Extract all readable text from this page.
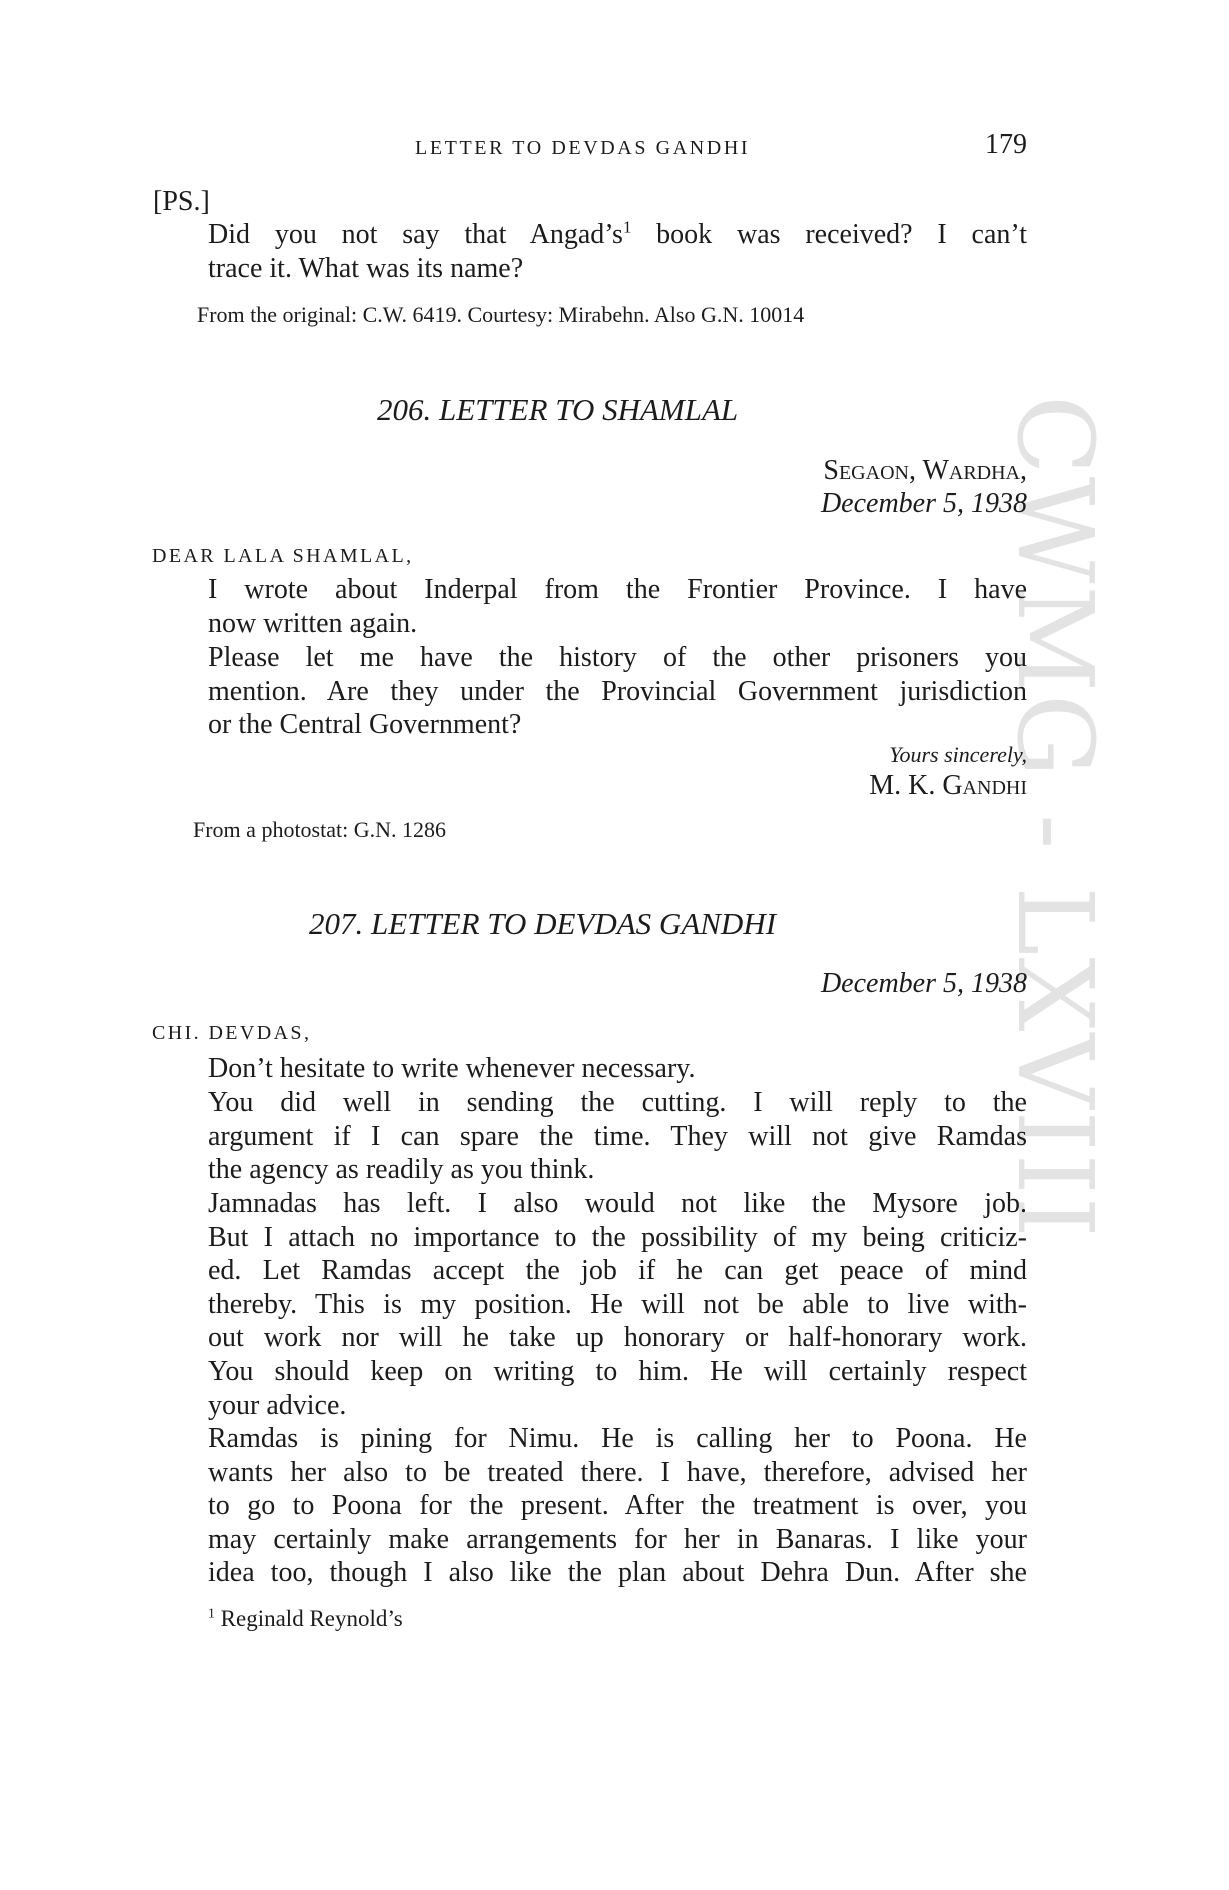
CWMG - LXVIII
LETTER TO DEVDAS GANDHI	179
[PS.]
Did you not say that $Angad’s^1$ book was received? I can’t
trace it. What was its name?
From the original: C.W. 6419. Courtesy: Mirabehn. Also G.N. 10014
206. LETTER TO SHAMLAL
Segaon, Wardha,
December 5, 1938
DEAR LALA SHAMLAL,
I wrote about Inderpal from the Frontier Province. I have
now written again.
Please let me have the history of the other prisoners you
mention. Are they under the Provincial Government jurisdiction
or the Central Government?
Yours sincerely,
M. K. Gandhi
From a photostat: G.N. 1286
207. LETTER TO DEVDAS GANDHI
December 5, 1938
CHI. DEVDAS,
Don’t hesitate to write whenever necessary.
You did well in sending the cutting. I will reply to the
argument if I can spare the time. They will not give Ramdas
the agency as readily as you think.
Jamnadas has left. I also would not like the Mysore job.
But I attach no importance to the possibility of my being criticiz-
ed. Let Ramdas accept the job if he can get peace of mind
thereby. This is my position. He will not be able to live with-
out work nor will he take up honorary or half-honorary work.
You should keep on writing to him. He will certainly respect
your advice.
Ramdas is pining for Nimu. He is calling her to Poona. He
wants her also to be treated there. I have, therefore, advised her
to go to Poona for the present. After the treatment is over, you
may certainly make arrangements for her in Banaras. I like your
idea too, though I also like the plan about Dehra Dun. After she
$^1$ Reginald Reynold’s
